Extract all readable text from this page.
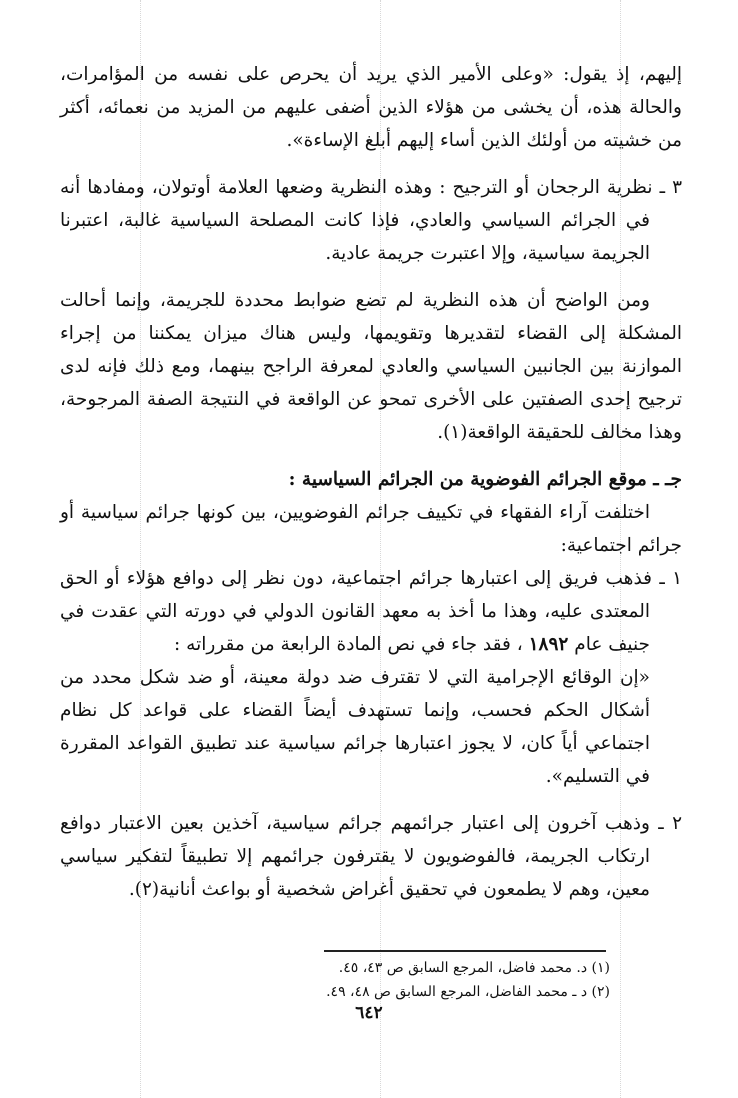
إليهم، إذ يقول: «وعلى الأمير الذي يريد أن يحرص على نفسه من المؤامرات، والحالة هذه، أن يخشى من هؤلاء الذين أضفى عليهم من المزيد من نعمائه، أكثر من خشيته من أولئك الذين أساء إليهم أبلغ الإساءة».

٣ ـ نظرية الرجحان أو الترجيح : وهذه النظرية وضعها العلامة أوتولان، ومفادها أنه في الجرائم السياسي والعادي، فإذا كانت المصلحة السياسية غالبة، اعتبرنا الجريمة سياسية، وإلا اعتبرت جريمة عادية.

ومن الواضح أن هذه النظرية لم تضع ضوابط محددة للجريمة، وإنما أحالت المشكلة إلى القضاء لتقديرها وتقويمها، وليس هناك ميزان يمكننا من إجراء الموازنة بين الجانبين السياسي والعادي لمعرفة الراجح بينهما، ومع ذلك فإنه لدى ترجيح إحدى الصفتين على الأخرى تمحو عن الواقعة في النتيجة الصفة المرجوحة، وهذا مخالف للحقيقة الواقعة(١).

جـ ـ موقع الجرائم الفوضوية من الجرائم السياسية :

اختلفت آراء الفقهاء في تكييف جرائم الفوضويين، بين كونها جرائم سياسية أو جرائم اجتماعية:

١ ـ فذهب فريق إلى اعتبارها جرائم اجتماعية، دون نظر إلى دوافع هؤلاء أو الحق المعتدى عليه، وهذا ما أخذ به معهد القانون الدولي في دورته التي عقدت في جنيف عام ١٨٩٢ ، فقد جاء في نص المادة الرابعة من مقرراته :

«إن الوقائع الإجرامية التي لا تقترف ضد دولة معينة، أو ضد شكل محدد من أشكال الحكم فحسب، وإنما تستهدف أيضاً القضاء على قواعد كل نظام اجتماعي أياً كان، لا يجوز اعتبارها جرائم سياسية عند تطبيق القواعد المقررة في التسليم».

٢ ـ وذهب آخرون إلى اعتبار جرائمهم جرائم سياسية، آخذين بعين الاعتبار دوافع ارتكاب الجريمة، فالفوضويون لا يقترفون جرائمهم إلا تطبيقاً لتفكير سياسي معين، وهم لا يطمعون في تحقيق أغراض شخصية أو بواعث أنانية(٢).

(١) د. محمد فاضل، المرجع السابق ص ٤٣، ٤٥.
(٢) د ـ محمد الفاضل، المرجع السابق ص ٤٨، ٤٩.
٦٤٢
